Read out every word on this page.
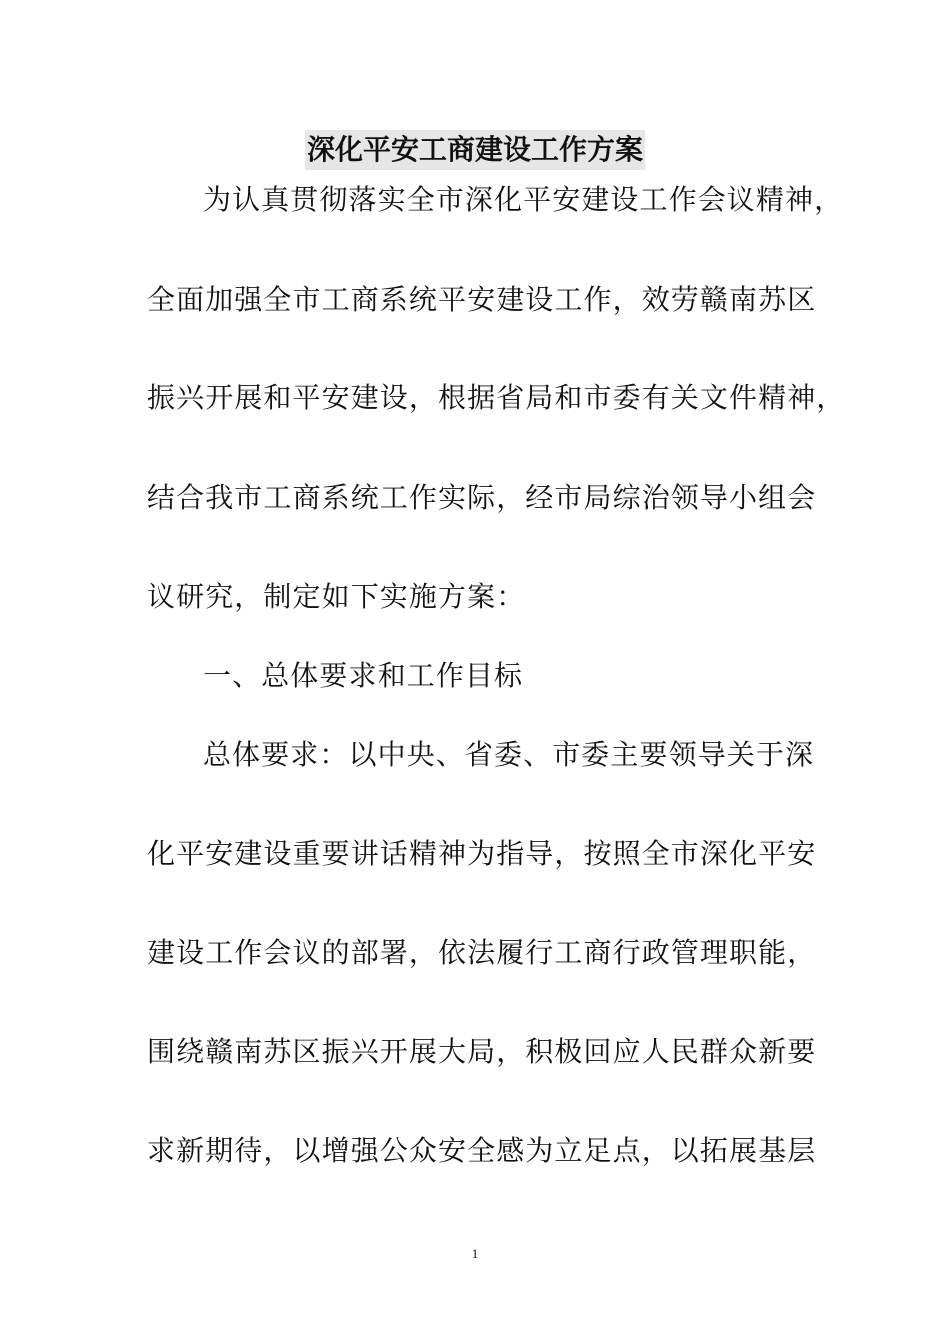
深化平安工商建设工作方案
为认真贯彻落实全市深化平安建设工作会议精神，
全面加强全市工商系统平安建设工作，效劳赣南苏区
振兴开展和平安建设，根据省局和市委有关文件精神，
结合我市工商系统工作实际，经市局综治领导小组会
议研究，制定如下实施方案：
一、总体要求和工作目标
总体要求：以中央、省委、市委主要领导关于深
化平安建设重要讲话精神为指导，按照全市深化平安
建设工作会议的部署，依法履行工商行政管理职能，
围绕赣南苏区振兴开展大局，积极回应人民群众新要
求新期待，以增强公众安全感为立足点，以拓展基层
1
